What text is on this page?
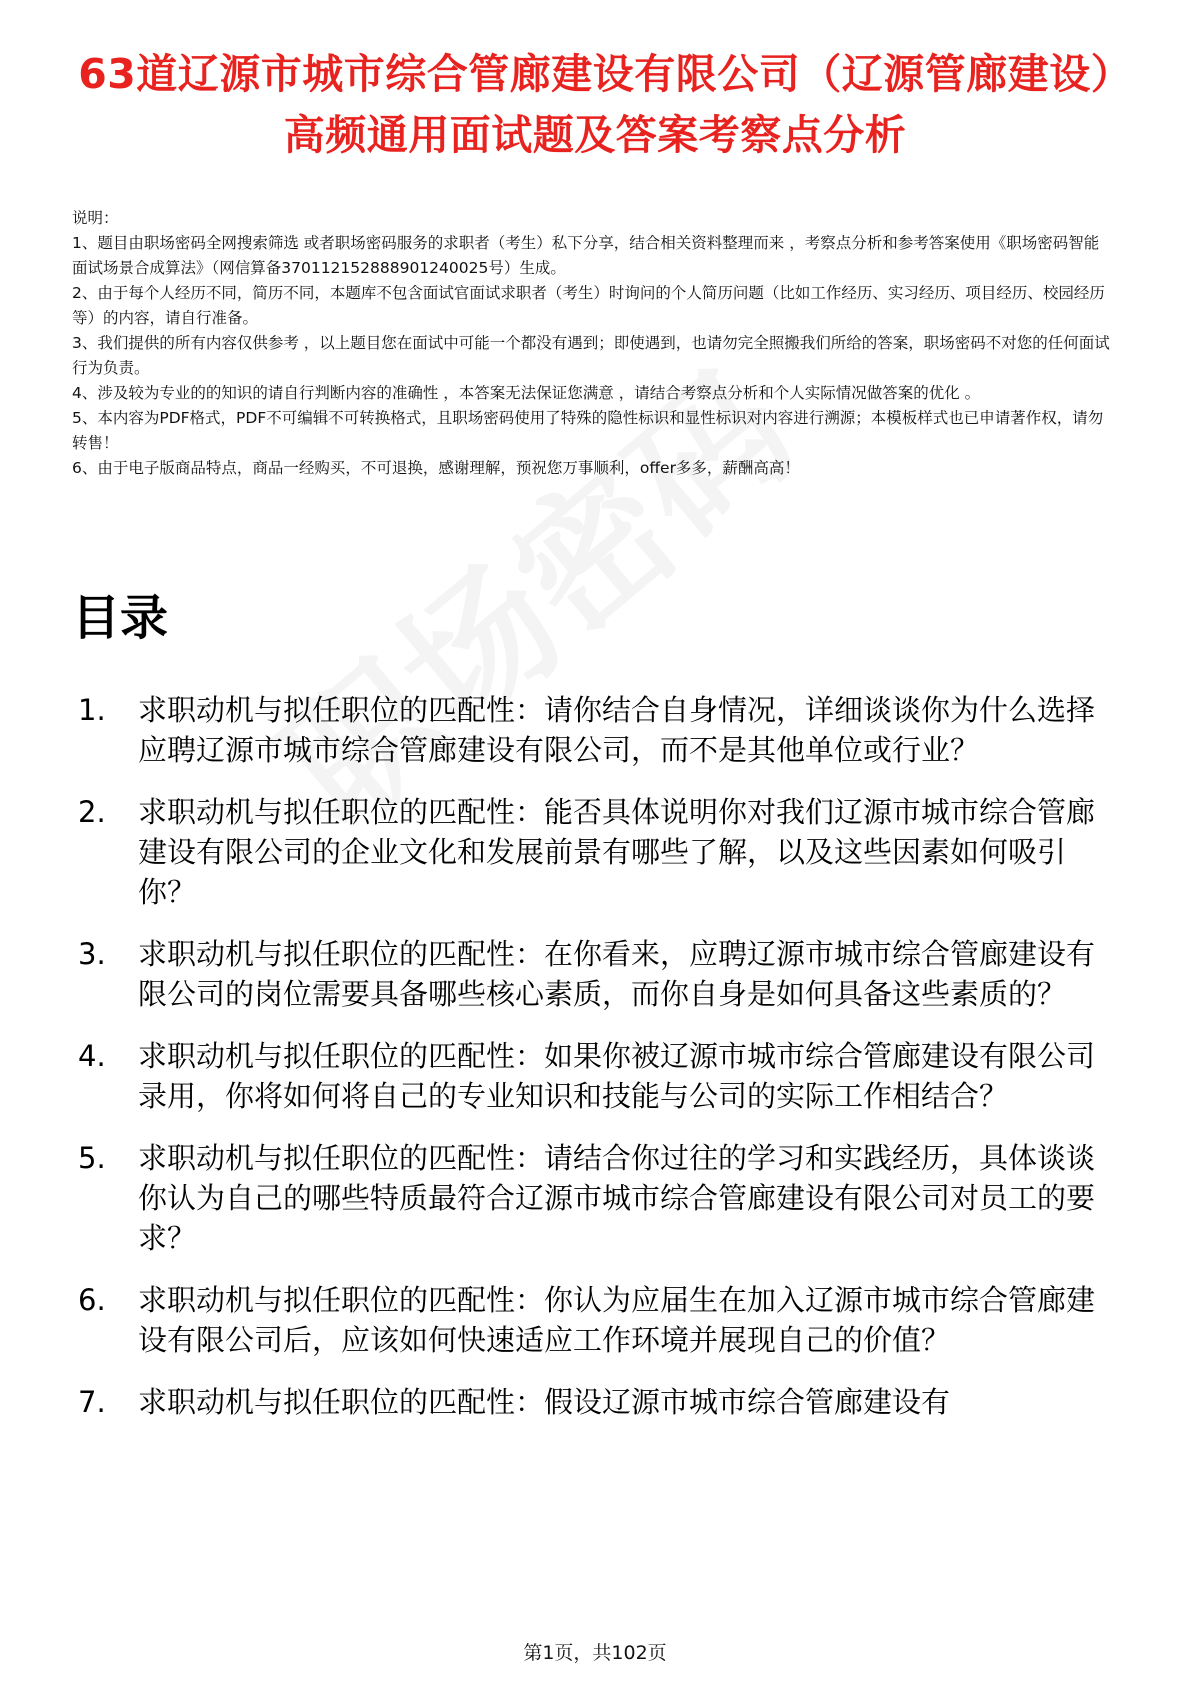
63道辽源市城市综合管廊建设有限公司（辽源管廊建设）高频通用面试题及答案考察点分析
说明：
1、题目由职场密码全网搜索筛选 或者职场密码服务的求职者（考生）私下分享，结合相关资料整理而来 ，考察点分析和参考答案使用《职场密码智能面试场景合成算法》（网信算备370112152888901240025号）生成。
2、由于每个人经历不同，简历不同，本题库不包含面试官面试求职者（考生）时询问的个人简历问题（比如工作经历、实习经历、项目经历、校园经历等）的内容，请自行准备。
3、我们提供的所有内容仅供参考 ，以上题目您在面试中可能一个都没有遇到；即使遇到，也请勿完全照搬我们所给的答案，职场密码不对您的任何面试行为负责。
4、涉及较为专业的的知识的请自行判断内容的准确性 ，本答案无法保证您满意 ，请结合考察点分析和个人实际情况做答案的优化 。
5、本内容为PDF格式，PDF不可编辑不可转换格式，且职场密码使用了特殊的隐性标识和显性标识对内容进行溯源；本模板样式也已申请著作权，请勿转售！
6、由于电子版商品特点，商品一经购买，不可退换，感谢理解，预祝您万事顺利，offer多多，薪酬高高！
目录
1.	求职动机与拟任职位的匹配性：请你结合自身情况，详细谈谈你为什么选择应聘辽源市城市综合管廊建设有限公司，而不是其他单位或行业？
2.	求职动机与拟任职位的匹配性：能否具体说明你对我们辽源市城市综合管廊建设有限公司的企业文化和发展前景有哪些了解，以及这些因素如何吸引你？
3.	求职动机与拟任职位的匹配性：在你看来，应聘辽源市城市综合管廊建设有限公司的岗位需要具备哪些核心素质，而你自身是如何具备这些素质的？
4.	求职动机与拟任职位的匹配性：如果你被辽源市城市综合管廊建设有限公司录用，你将如何将自己的专业知识和技能与公司的实际工作相结合？
5.	求职动机与拟任职位的匹配性：请结合你过往的学习和实践经历，具体谈谈你认为自己的哪些特质最符合辽源市城市综合管廊建设有限公司对员工的要求？
6.	求职动机与拟任职位的匹配性：你认为应届生在加入辽源市城市综合管廊建设有限公司后，应该如何快速适应工作环境并展现自己的价值？
7.	求职动机与拟任职位的匹配性：假设辽源市城市综合管廊建设有
第1页，共102页
